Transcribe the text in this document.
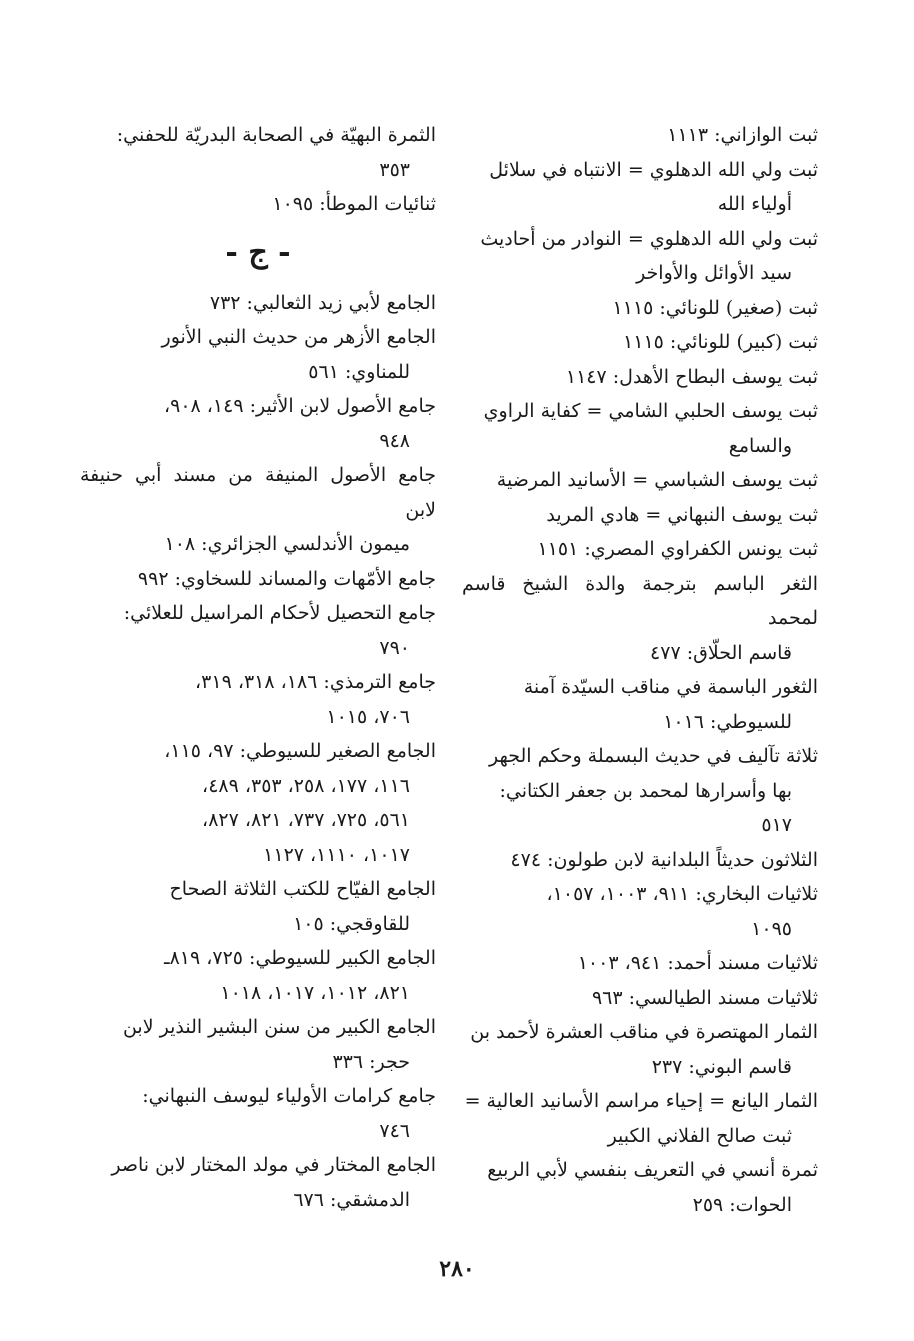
ثبت الوازاني: ١١١٣

ثبت ولي الله الدهلوي = الانتباه في سلائل
أولياء الله

ثبت ولي الله الدهلوي = النوادر من أحاديث
سيد الأوائل والأواخر

ثبت (صغير) للونائي: ١١١٥

ثبت (كبير) للونائي: ١١١٥

ثبت يوسف البطاح الأهدل: ١١٤٧

ثبت يوسف الحلبي الشامي = كفاية الراوي
والسامع

ثبت يوسف الشباسي = الأسانيد المرضية

ثبت يوسف النبهاني = هادي المريد

ثبت يونس الكفراوي المصري: ١١٥١

الثغر الباسم بترجمة والدة الشيخ قاسم لمحمد
قاسم الحلّاق: ٤٧٧

الثغور الباسمة في مناقب السيّدة آمنة
للسيوطي: ١٠١٦

ثلاثة تآليف في حديث البسملة وحكم الجهر
بها وأسرارها لمحمد بن جعفر الكتاني:
٥١٧

الثلاثون حديثاً البلدانية لابن طولون: ٤٧٤

ثلاثيات البخاري: ٩١١، ١٠٠٣، ١٠٥٧،
١٠٩٥

ثلاثيات مسند أحمد: ٩٤١، ١٠٠٣

ثلاثيات مسند الطيالسي: ٩٦٣

الثمار المهتصرة في مناقب العشرة لأحمد بن
قاسم البوني: ٢٣٧

الثمار اليانع = إحياء مراسم الأسانيد العالية =
ثبت صالح الفلاني الكبير

ثمرة أنسي في التعريف بنفسي لأبي الربيع
الحوات: ٢٥٩

الثمرة البهيّة في الصحابة البدريّة للحفني:
٣٥٣

ثنائيات الموطأ: ١٠٩٥

- ج -

الجامع لأبي زيد الثعالبي: ٧٣٢

الجامع الأزهر من حديث النبي الأنور
للمناوي: ٥٦١

جامع الأصول لابن الأثير: ١٤٩، ٩٠٨،
٩٤٨

جامع الأصول المنيفة من مسند أبي حنيفة لابن
ميمون الأندلسي الجزائري: ١٠٨

جامع الأمّهات والمساند للسخاوي: ٩٩٢

جامع التحصيل لأحكام المراسيل للعلائي:
٧٩٠

جامع الترمذي: ١٨٦، ٣١٨، ٣١٩،
٧٠٦، ١٠١٥

الجامع الصغير للسيوطي: ٩٧، ١١٥،
١١٦، ١٧٧، ٢٥٨، ٣٥٣، ٤٨٩،
٥٦١، ٧٢٥، ٧٣٧، ٨٢١، ٨٢٧،
١٠١٧، ١١١٠، ١١٢٧

الجامع الفيّاح للكتب الثلاثة الصحاح
للقاوقجي: ١٠٥

الجامع الكبير للسيوطي: ٧٢٥، ٨١٩ـ
٨٢١، ١٠١٢، ١٠١٧، ١٠١٨

الجامع الكبير من سنن البشير النذير لابن
حجر: ٣٣٦

جامع كرامات الأولياء ليوسف النبهاني:
٧٤٦

الجامع المختار في مولد المختار لابن ناصر
الدمشقي: ٦٧٦

٢٨٠
